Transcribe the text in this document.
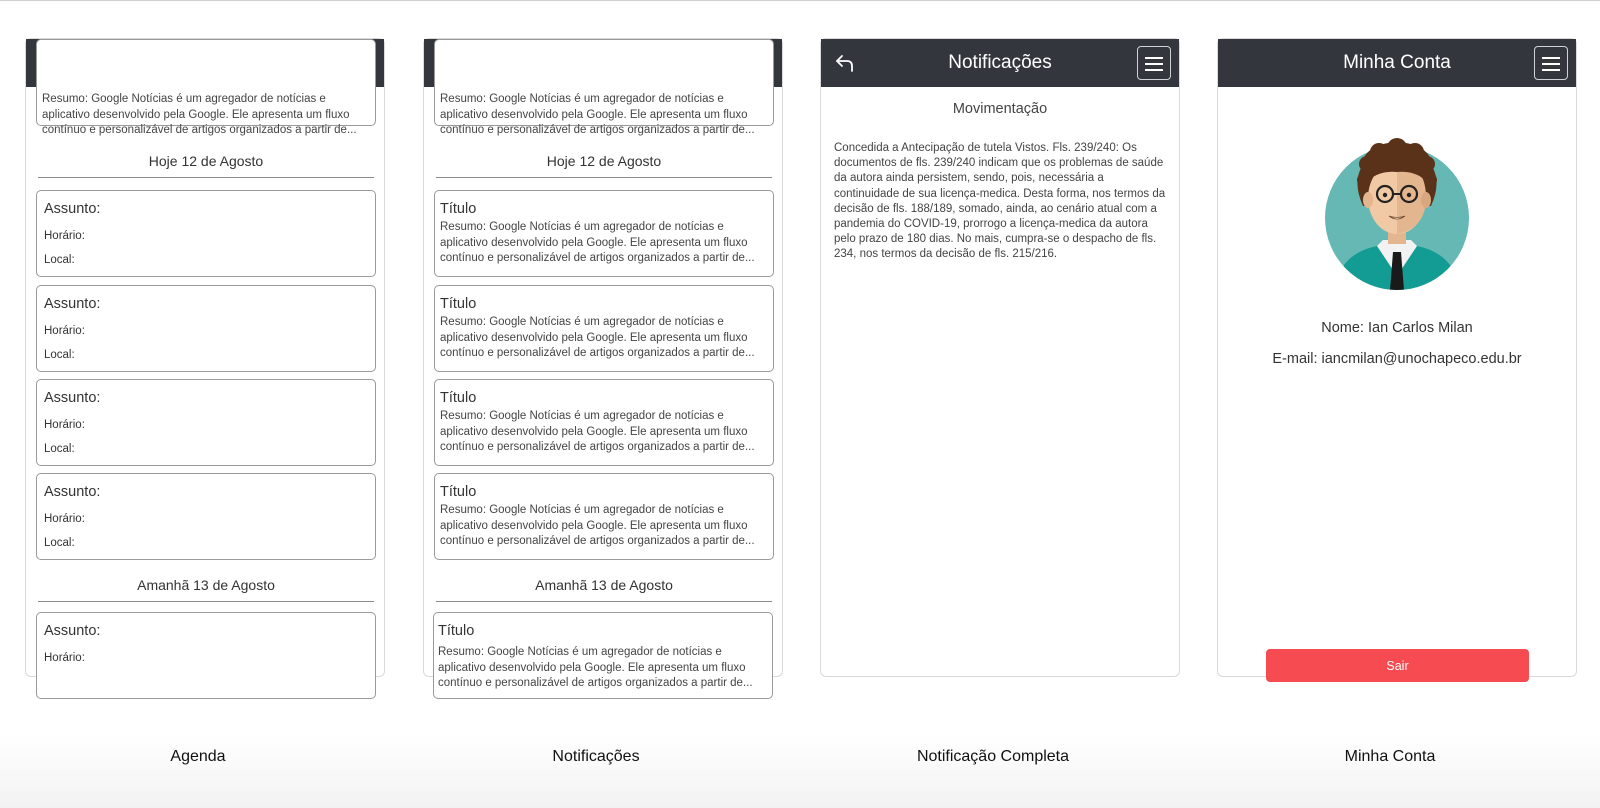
Resumo: Google Notícias é um agregador de notícias e aplicativo desenvolvido pela Google. Ele apresenta um fluxo contínuo e personalizável de artigos organizados a partir de...
Hoje 12 de Agosto
Assunto:
Horário:
Local:
Assunto:
Horário:
Local:
Assunto:
Horário:
Local:
Assunto:
Horário:
Local:
Amanhã 13 de Agosto
Assunto:
Horário:
Resumo: Google Notícias é um agregador de notícias e aplicativo desenvolvido pela Google. Ele apresenta um fluxo contínuo e personalizável de artigos organizados a partir de...
Hoje 12 de Agosto
Título
Resumo: Google Notícias é um agregador de notícias e aplicativo desenvolvido pela Google. Ele apresenta um fluxo contínuo e personalizável de artigos organizados a partir de...
Título
Resumo: Google Notícias é um agregador de notícias e aplicativo desenvolvido pela Google. Ele apresenta um fluxo contínuo e personalizável de artigos organizados a partir de...
Título
Resumo: Google Notícias é um agregador de notícias e aplicativo desenvolvido pela Google. Ele apresenta um fluxo contínuo e personalizável de artigos organizados a partir de...
Título
Resumo: Google Notícias é um agregador de notícias e aplicativo desenvolvido pela Google. Ele apresenta um fluxo contínuo e personalizável de artigos organizados a partir de...
Amanhã 13 de Agosto
Título
Resumo: Google Notícias é um agregador de notícias e aplicativo desenvolvido pela Google. Ele apresenta um fluxo contínuo e personalizável de artigos organizados a partir de...
Notificações
Movimentação
Concedida a Antecipação de tutela Vistos. Fls. 239/240: Os documentos de fls. 239/240 indicam que os problemas de saúde da autora ainda persistem, sendo, pois, necessária a continuidade de sua licença-medica. Desta forma, nos termos da decisão de fls. 188/189, somado, ainda, ao cenário atual com a pandemia do COVID-19, prorrogo a licença-medica da autora pelo prazo de 180 dias. No mais, cumpra-se o despacho de fls. 234, nos termos da decisão de fls. 215/216.
Minha Conta
Nome: Ian Carlos Milan
E-mail: iancmilan@unochapeco.edu.br
Sair
Agenda	Notificações	Notificação Completa	Minha Conta
